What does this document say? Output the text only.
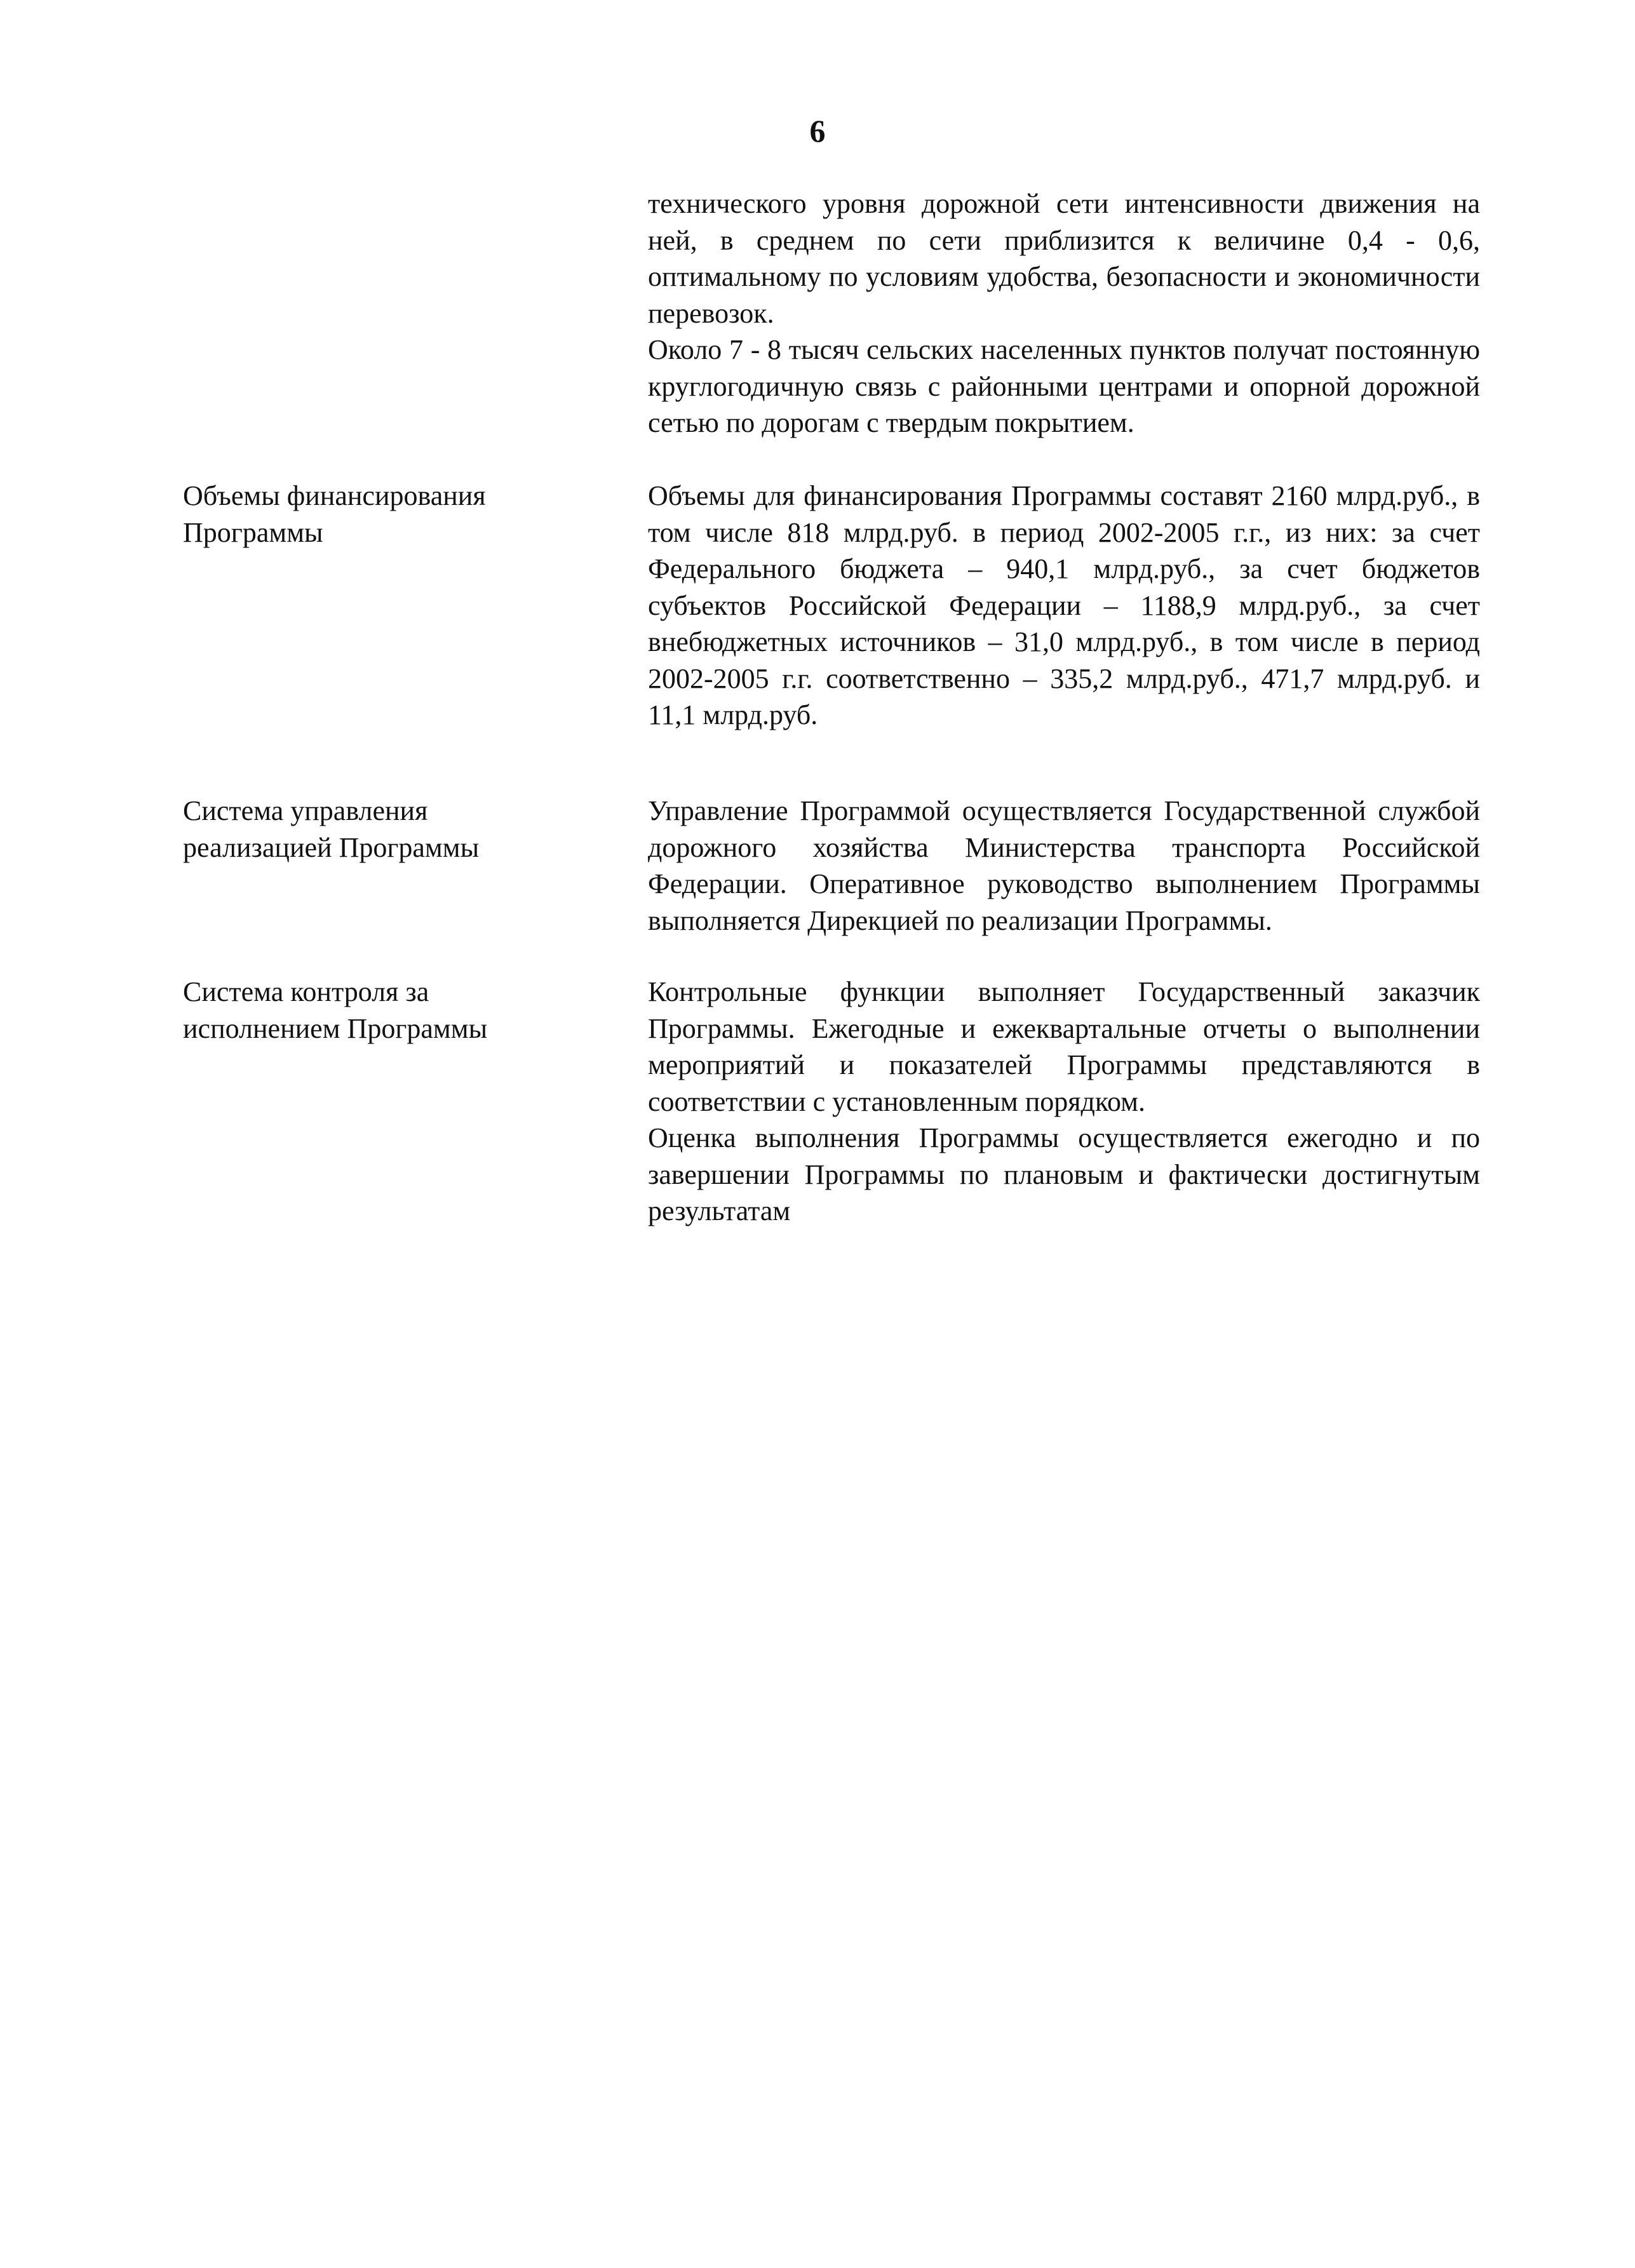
6

технического уровня дорожной сети интенсивности движения на ней, в среднем по сети приблизится к величине 0,4 - 0,6, оптимальному по условиям удобства, безопасности и экономичности перевозок.

Около 7 - 8 тысяч сельских населенных пунктов получат постоянную круглогодичную связь с районными центрами и опорной дорожной сетью по дорогам с твердым покрытием.

Объемы финансирования
Программы

Объемы для финансирования Программы составят 2160 млрд.руб., в том числе 818 млрд.руб. в период 2002-2005 г.г., из них: за счет Федерального бюджета – 940,1 млрд.руб., за счет бюджетов субъектов Российской Федерации – 1188,9 млрд.руб., за счет внебюджетных источников – 31,0 млрд.руб., в том числе в период 2002-2005 г.г. соответственно – 335,2 млрд.руб., 471,7 млрд.руб. и 11,1 млрд.руб.

Система управления
реализацией Программы

Управление Программой осуществляется Государственной службой дорожного хозяйства Министерства транспорта Российской Федерации. Оперативное руководство выполнением Программы выполняется Дирекцией по реализации Программы.

Система контроля за
исполнением Программы

Контрольные функции выполняет Государственный заказчик Программы. Ежегодные и ежеквартальные отчеты о выполнении мероприятий и показателей Программы представляются в соответствии с установленным порядком.

Оценка выполнения Программы осуществляется ежегодно и по завершении Программы по плановым и фактически достигнутым результатам
